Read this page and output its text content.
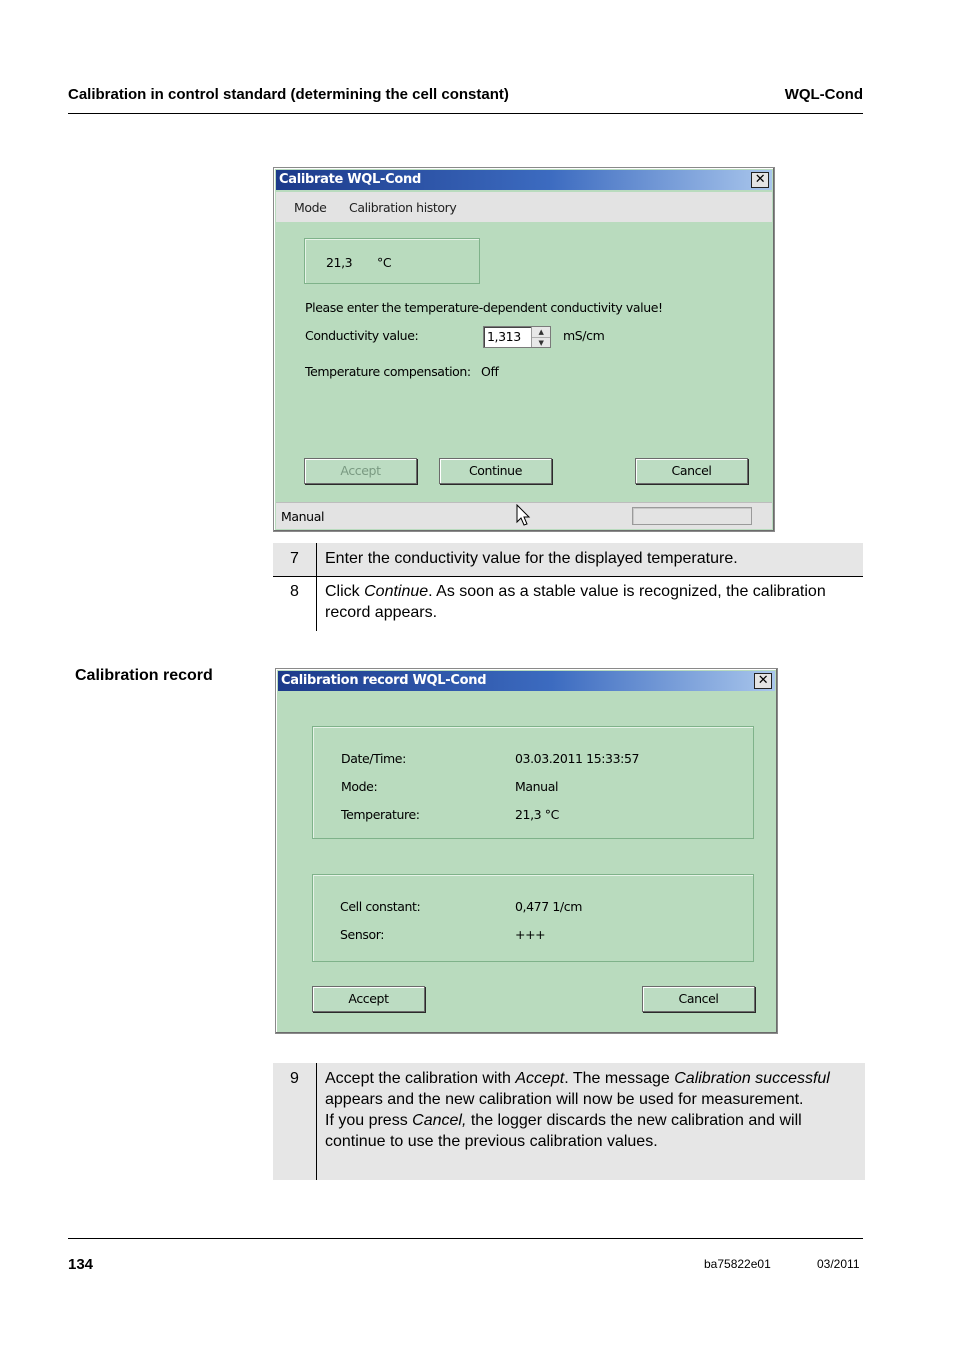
Calibration in control standard (determining the cell constant)	WQL-Cond
Calibrate WQL-Cond	✕
Mode Calibration history
21,3 °C
Please enter the temperature-dependent conductivity value!
Conductivity value:	1,313	▲
▼	mS/cm
Temperature compensation: Off
Accept	Continue	Cancel
Manual
7	Enter the conductivity value for the displayed temperature.
8	Click Continue. As soon as a stable value is recognized, the calibration record appears.
Calibration record	Calibration record WQL-Cond	✕
Date/Time:	03.03.2011 15:33:57
Mode:	Manual
Temperature:	21,3 °C
Cell constant:	0,477 1/cm
Sensor:	+++
Accept	Cancel
9	Accept the calibration with Accept. The message Calibration successful appears and the new calibration will now be used for measurement.
If you press Cancel, the logger discards the new calibration and will continue to use the previous calibration values.
134	ba75822e01	03/2011
